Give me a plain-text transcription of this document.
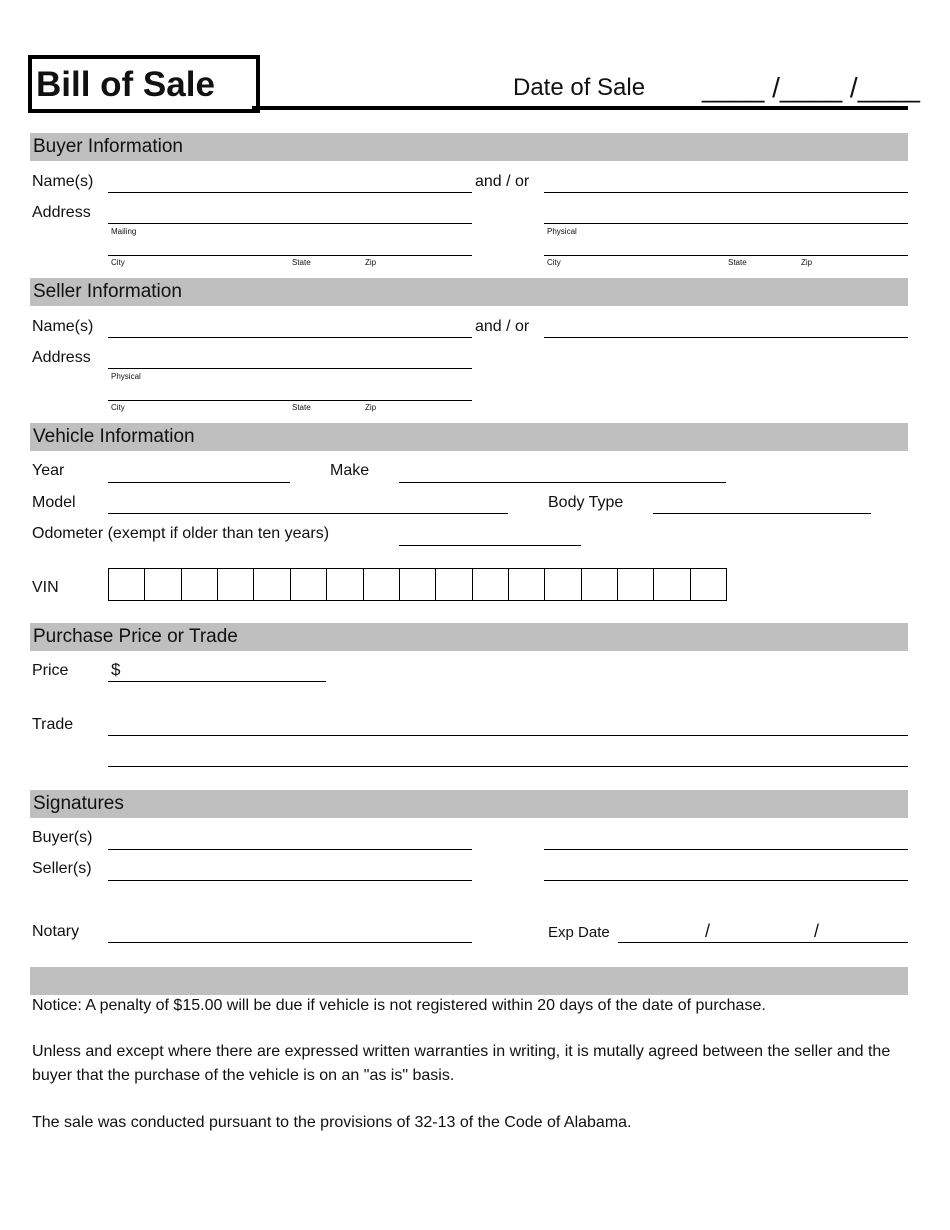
Bill of Sale	Date of Sale ____ /____ /____
Buyer Information
Name(s)	and / or
Address
Mailing	Physical
City	State	Zip	City	State	Zip
Seller Information
Name(s)	and / or
Address
Physical
City	State	Zip
Vehicle Information
Year	Make
Model	Body Type
Odometer (exempt if older than ten years)
VIN
Purchase Price or Trade
Price	$
Trade
Signatures
Buyer(s)
Seller(s)
Notary	Exp Date	/	/
Notice: A penalty of $15.00 will be due if vehicle is not registered within 20 days of the date of purchase.
Unless and except where there are expressed written warranties in writing, it is mutally agreed between the seller and the buyer that the purchase of the vehicle is on an "as is" basis.
The sale was conducted pursuant to the provisions of 32-13 of the Code of Alabama.
